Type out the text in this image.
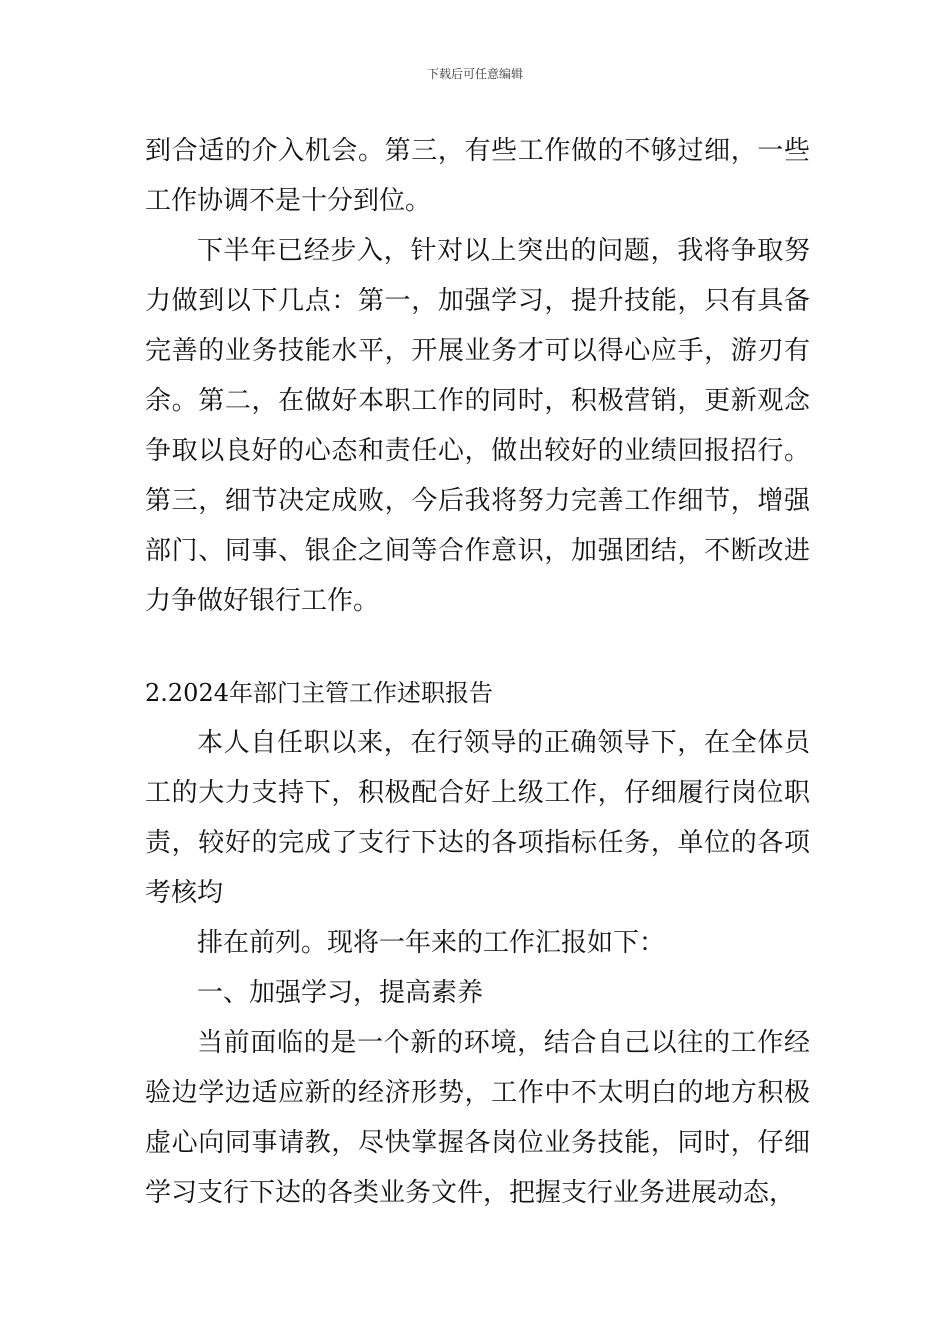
下载后可任意编辑

到合适的介入机会。第三，有些工作做的不够过细，一些工作协调不是十分到位。

下半年已经步入，针对以上突出的问题，我将争取努力做到以下几点：第一，加强学习，提升技能，只有具备完善的业务技能水平，开展业务才可以得心应手，游刃有余。第二，在做好本职工作的同时，积极营销，更新观念争取以良好的心态和责任心，做出较好的业绩回报招行。第三，细节决定成败，今后我将努力完善工作细节，增强部门、同事、银企之间等合作意识，加强团结，不断改进力争做好银行工作。

2.2024年部门主管工作述职报告

本人自任职以来，在行领导的正确领导下，在全体员工的大力支持下，积极配合好上级工作，仔细履行岗位职责，较好的完成了支行下达的各项指标任务，单位的各项考核均

排在前列。现将一年来的工作汇报如下：

一、加强学习，提高素养

当前面临的是一个新的环境，结合自己以往的工作经验边学边适应新的经济形势，工作中不太明白的地方积极虚心向同事请教，尽快掌握各岗位业务技能，同时，仔细学习支行下达的各类业务文件，把握支行业务进展动态，
